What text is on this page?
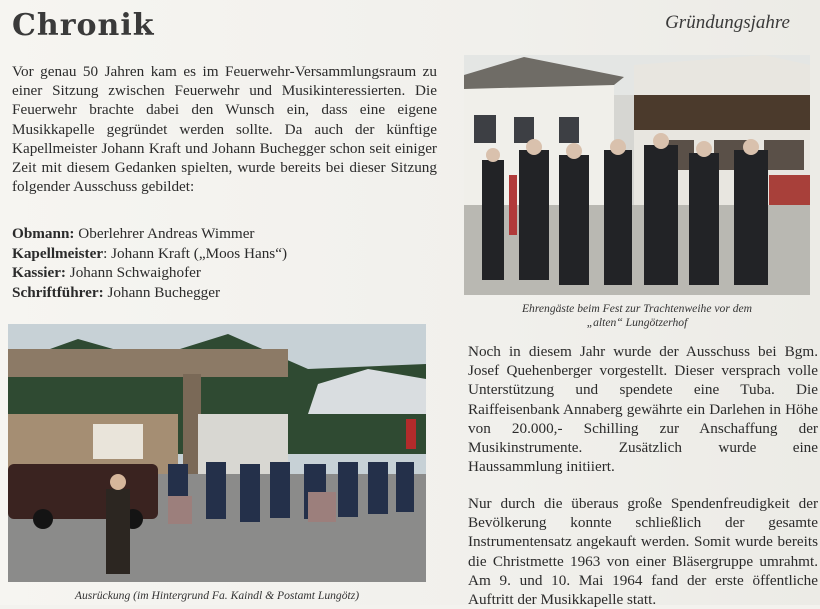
Chronik	Gründungsjahre
Vor genau 50 Jahren kam es im Feuerwehr-Versammlungsraum zu einer Sitzung zwischen Feuerwehr und Musikinteressierten. Die Feuerwehr brachte dabei den Wunsch ein, dass eine eigene Musikkapelle gegründet werden sollte. Da auch der künftige Kapellmeister Johann Kraft und Johann Buchegger schon seit einiger Zeit mit diesem Gedanken spielten, wurde bereits bei dieser Sitzung folgender Ausschuss gebildet:
Obmann: Oberlehrer Andreas Wimmer
Kapellmeister: Johann Kraft („Moos Hans“)
Kassier: Johann Schwaighofer
Schriftführer: Johann Buchegger
Ehrengäste beim Fest zur Trachtenweihe vor dem
„alten“ Lungötzerhof
Ausrückung (im Hintergrund Fa. Kaindl & Postamt Lungötz)
Noch in diesem Jahr wurde der Ausschuss bei Bgm. Josef Quehenberger vorgestellt. Dieser versprach volle Unterstützung und spendete eine Tuba. Die Raiffeisenbank Annaberg gewährte ein Darlehen in Höhe von 20.000,- Schilling zur Anschaffung der Musikinstrumente. Zusätzlich wurde eine Haussammlung initiiert.
Nur durch die überaus große Spendenfreudigkeit der Bevölkerung konnte schließlich der gesamte Instrumentensatz angekauft werden. Somit wurde bereits die Christmette 1963 von einer Bläsergruppe umrahmt. Am 9. und 10. Mai 1964 fand der erste öffentliche Auftritt der Musikkapelle statt.
